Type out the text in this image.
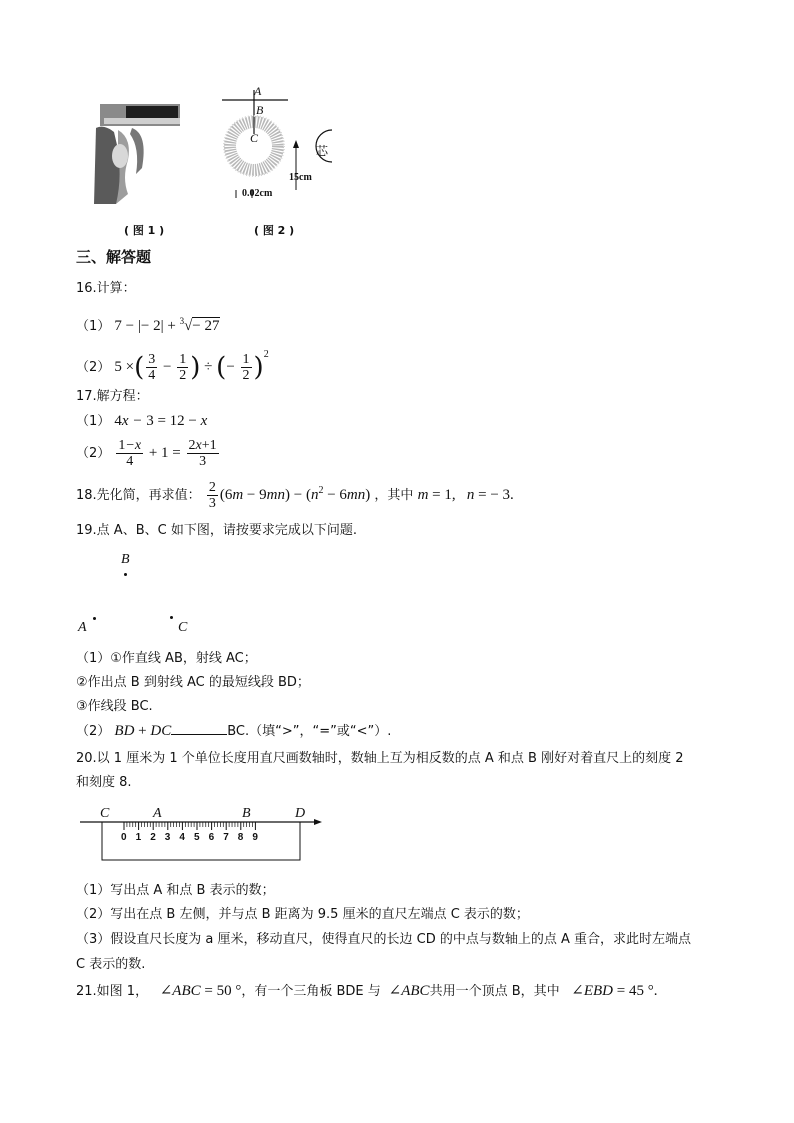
( 图 1 )
A
B
C
15cm
0.02cm
芯
( 图 2 )
三、解答题
16.计算：
（1） 7 − |− 2| + $^3$√− 27
（2） 5 ×( $\frac{3}{4} - \frac{1}{2}$ ) ÷ (− $\frac{1}{2} )^2$
17.解方程：
（1） 4x − 3 = 12 − x
$(2) \frac{1-x}{4} + 1 = \frac{2x+1}{3}$
18.先化简，再求值： $\frac{2}{3} (6m - 9mn) - (n^2 - 6mn)$ ，其中 m = 1,   n = − 3.
19.点 A、B、C 如下图，请按要求完成以下问题.
B
A	C
（1）①作直线 AB，射线 AC；
②作出点 B 到射线 AC 的最短线段 BD；
③作线段 BC.
（2） BD + DC	BC.（填“>”，“=”或“<”）.
20.以 1 厘米为 1 个单位长度用直尺画数轴时，数轴上互为相反数的点 A 和点 B 刚好对着直尺上的刻度 2
和刻度 8.
C	A	B	D
0 1 2 3 4 5 6 7 8 9
（1）写出点 A 和点 B 表示的数；
（2）写出在点 B 左侧，并与点 B 距离为 9.5 厘米的直尺左端点 C 表示的数；
（3）假设直尺长度为 a 厘米，移动直尺，使得直尺的长边 CD 的中点与数轴上的点 A 重合，求此时左端点
C 表示的数.
21.如图 1，   ∠ABC = 50 °，有一个三角板 BDE 与  ∠ABC共用一个顶点 B，其中   ∠EBD = 45 °.
